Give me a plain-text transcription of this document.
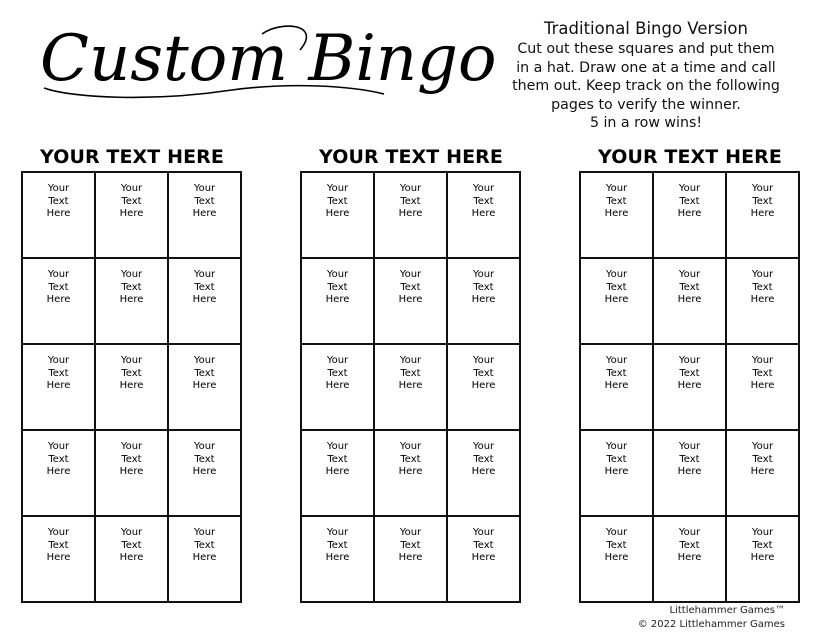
Custom Bingo	Traditional Bingo Version
Cut out these squares and put them
in a hat. Draw one at a time and call
them out. Keep track on the following
pages to verify the winner.
5 in a row wins!
YOUR TEXT HERE
Your
Text
Here
Your
Text
Here
Your
Text
Here
Your
Text
Here
Your
Text
Here
Your
Text
Here
Your
Text
Here
Your
Text
Here
Your
Text
Here
Your
Text
Here
Your
Text
Here
Your
Text
Here
Your
Text
Here
Your
Text
Here
Your
Text
Here
YOUR TEXT HERE
Your
Text
Here
Your
Text
Here
Your
Text
Here
Your
Text
Here
Your
Text
Here
Your
Text
Here
Your
Text
Here
Your
Text
Here
Your
Text
Here
Your
Text
Here
Your
Text
Here
Your
Text
Here
Your
Text
Here
Your
Text
Here
Your
Text
Here
YOUR TEXT HERE
Your
Text
Here
Your
Text
Here
Your
Text
Here
Your
Text
Here
Your
Text
Here
Your
Text
Here
Your
Text
Here
Your
Text
Here
Your
Text
Here
Your
Text
Here
Your
Text
Here
Your
Text
Here
Your
Text
Here
Your
Text
Here
Your
Text
Here
Littlehammer Games™
© 2022 Littlehammer Games
